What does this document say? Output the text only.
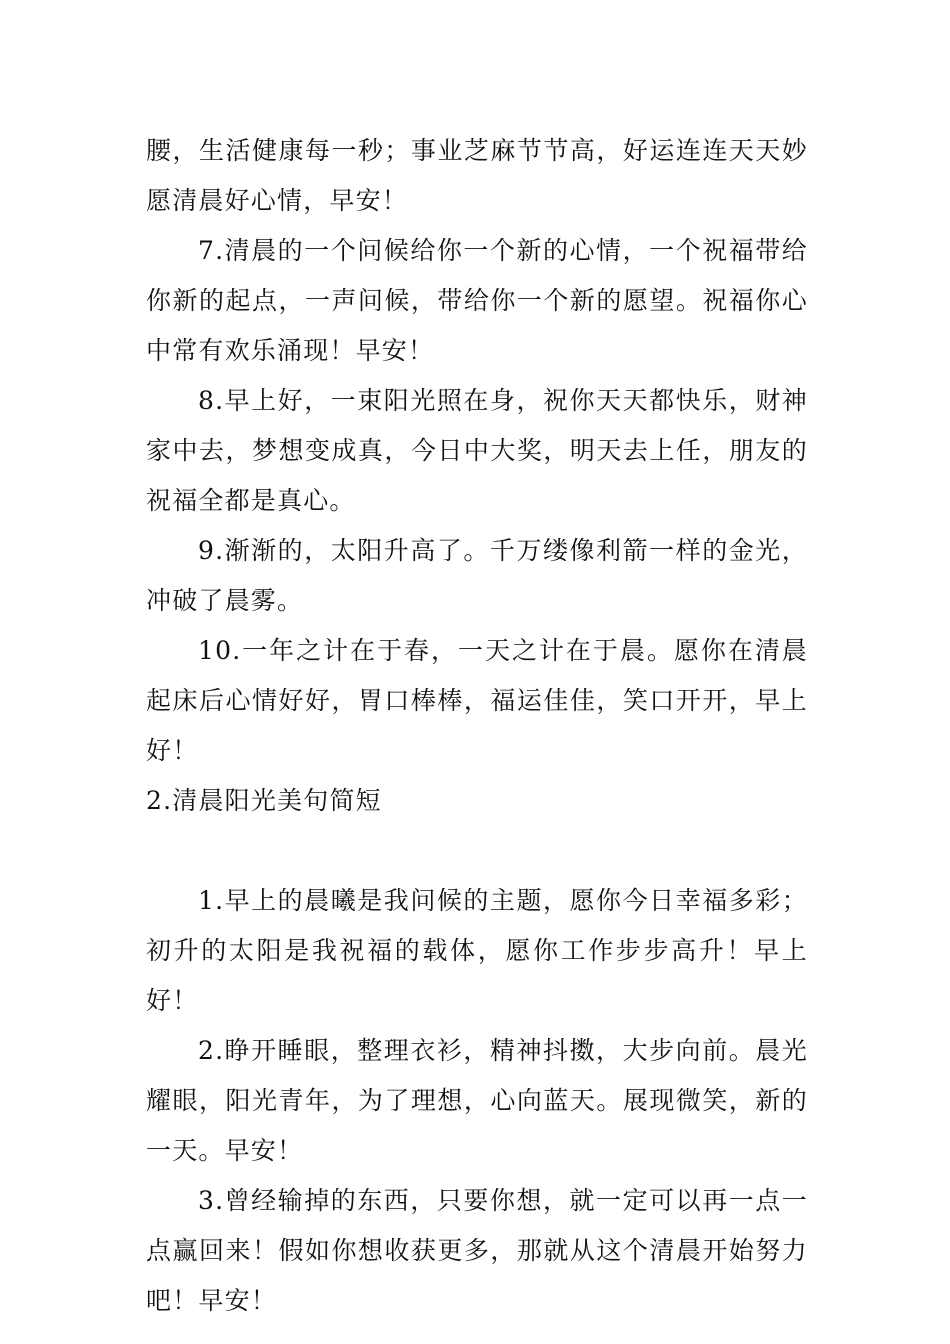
腰，生活健康每一秒；事业芝麻节节高，好运连连天天妙愿清晨好心情，早安！

7.清晨的一个问候给你一个新的心情，一个祝福带给你新的起点，一声问候，带给你一个新的愿望。祝福你心中常有欢乐涌现！早安！

8.早上好，一束阳光照在身，祝你天天都快乐，财神家中去，梦想变成真，今日中大奖，明天去上任，朋友的祝福全都是真心。

9.渐渐的，太阳升高了。千万缕像利箭一样的金光，冲破了晨雾。

10.一年之计在于春，一天之计在于晨。愿你在清晨起床后心情好好，胃口棒棒，福运佳佳，笑口开开，早上好！

2.清晨阳光美句简短

1.早上的晨曦是我问候的主题，愿你今日幸福多彩；初升的太阳是我祝福的载体，愿你工作步步高升！早上好！

2.睁开睡眼，整理衣衫，精神抖擞，大步向前。晨光耀眼，阳光青年，为了理想，心向蓝天。展现微笑，新的一天。早安！

3.曾经输掉的东西，只要你想，就一定可以再一点一点赢回来！假如你想收获更多，那就从这个清晨开始努力吧！早安！
